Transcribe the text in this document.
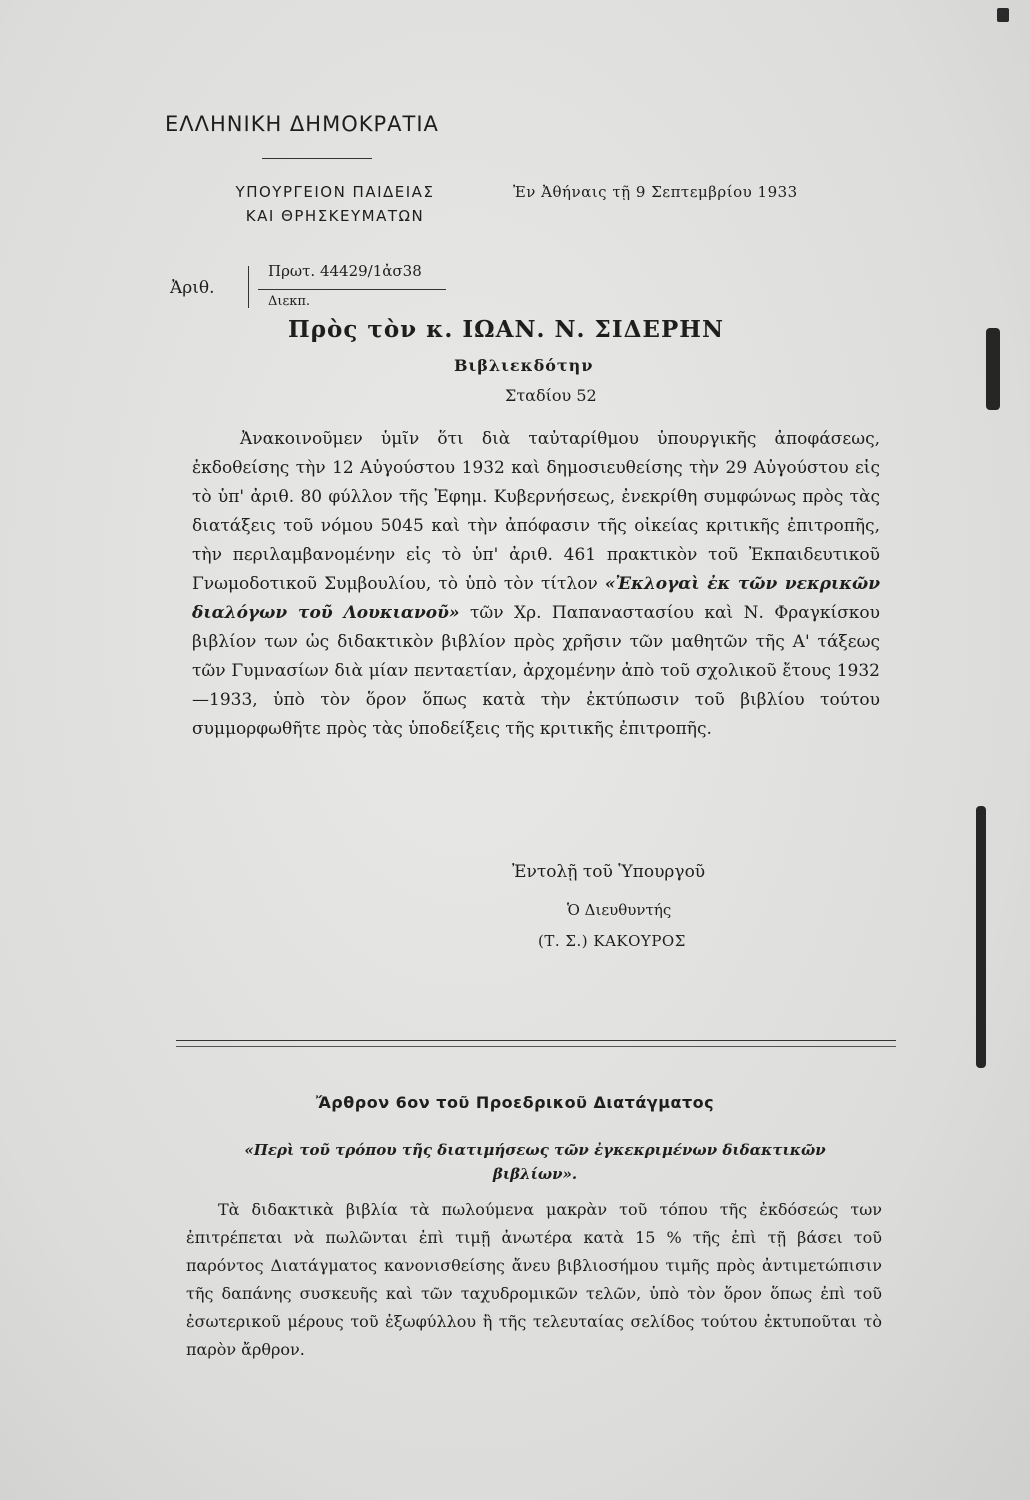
ΕΛΛΗΝΙΚΗ ΔΗΜΟΚΡΑΤΙΑ
ΥΠΟΥΡΓΕΙΟΝ ΠΑΙΔΕΙΑΣ
ΚΑΙ ΘΡΗΣΚΕΥΜΑΤΩΝ
Ἐν Ἀθήναις τῇ 9 Σεπτεμβρίου 1933
Ἀριθ.
Πρωτ. 44429/1ἀσ38
Διεκπ.
Πρὸς τὸν κ. ΙΩΑΝ. Ν. ΣΙΔΕΡΗΝ
Βιβλιεκδότην
Σταδίου 52

Ἀνακοινοῦμεν ὑμῖν ὅτι διὰ ταὐταρίθμου ὑπουργικῆς ἀποφάσεως, ἐκδοθείσης τὴν 12 Αὐγούστου 1932 καὶ δημοσιευθείσης τὴν 29 Αὐγούστου εἰς τὸ ὑπ' ἀριθ. 80 φύλλον τῆς Ἐφημ. Κυβερνήσεως, ἐνεκρίθη συμφώνως πρὸς τὰς διατάξεις τοῦ νόμου 5045 καὶ τὴν ἀπόφασιν τῆς οἰκείας κριτικῆς ἐπιτροπῆς, τὴν περιλαμβανομένην εἰς τὸ ὑπ' ἀριθ. 461 πρακτικὸν τοῦ Ἐκπαιδευτικοῦ Γνωμοδοτικοῦ Συμβουλίου, τὸ ὑπὸ τὸν τίτλον «Ἐκλογαὶ ἐκ τῶν νεκρικῶν διαλόγων τοῦ Λουκιανοῦ» τῶν Χρ. Παπαναστασίου καὶ Ν. Φραγκίσκου βιβλίον των ὡς διδακτικὸν βιβλίον πρὸς χρῆσιν τῶν μαθητῶν τῆς Α' τάξεως τῶν Γυμνασίων διὰ μίαν πενταετίαν, ἀρχομένην ἀπὸ τοῦ σχολικοῦ ἔτους 1932—1933, ὑπὸ τὸν ὅρον ὅπως κατὰ τὴν ἐκτύπωσιν τοῦ βιβλίου τούτου συμμορφωθῆτε πρὸς τὰς ὑποδείξεις τῆς κριτικῆς ἐπιτροπῆς.

Ἐντολῇ τοῦ Ὑπουργοῦ
Ὁ Διευθυντής
(Τ. Σ.) ΚΑΚΟΥΡΟΣ
Ἄρθρον 6ον τοῦ Προεδρικοῦ Διατάγματος
«Περὶ τοῦ τρόπου τῆς διατιμήσεως τῶν ἐγκεκριμένων διδακτικῶν βιβλίων».

Τὰ διδακτικὰ βιβλία τὰ πωλούμενα μακρὰν τοῦ τόπου τῆς ἐκδόσεώς των ἐπιτρέπεται νὰ πωλῶνται ἐπὶ τιμῇ ἀνωτέρα κατὰ 15 % τῆς ἐπὶ τῇ βάσει τοῦ παρόντος Διατάγματος κανονισθείσης ἄνευ βιβλιοσήμου τιμῆς πρὸς ἀντιμετώπισιν τῆς δαπάνης συσκευῆς καὶ τῶν ταχυδρομικῶν τελῶν, ὑπὸ τὸν ὅρον ὅπως ἐπὶ τοῦ ἐσωτερικοῦ μέρους τοῦ ἐξωφύλλου ἢ τῆς τελευταίας σελίδος τούτου ἐκτυποῦται τὸ παρὸν ἄρθρον.
